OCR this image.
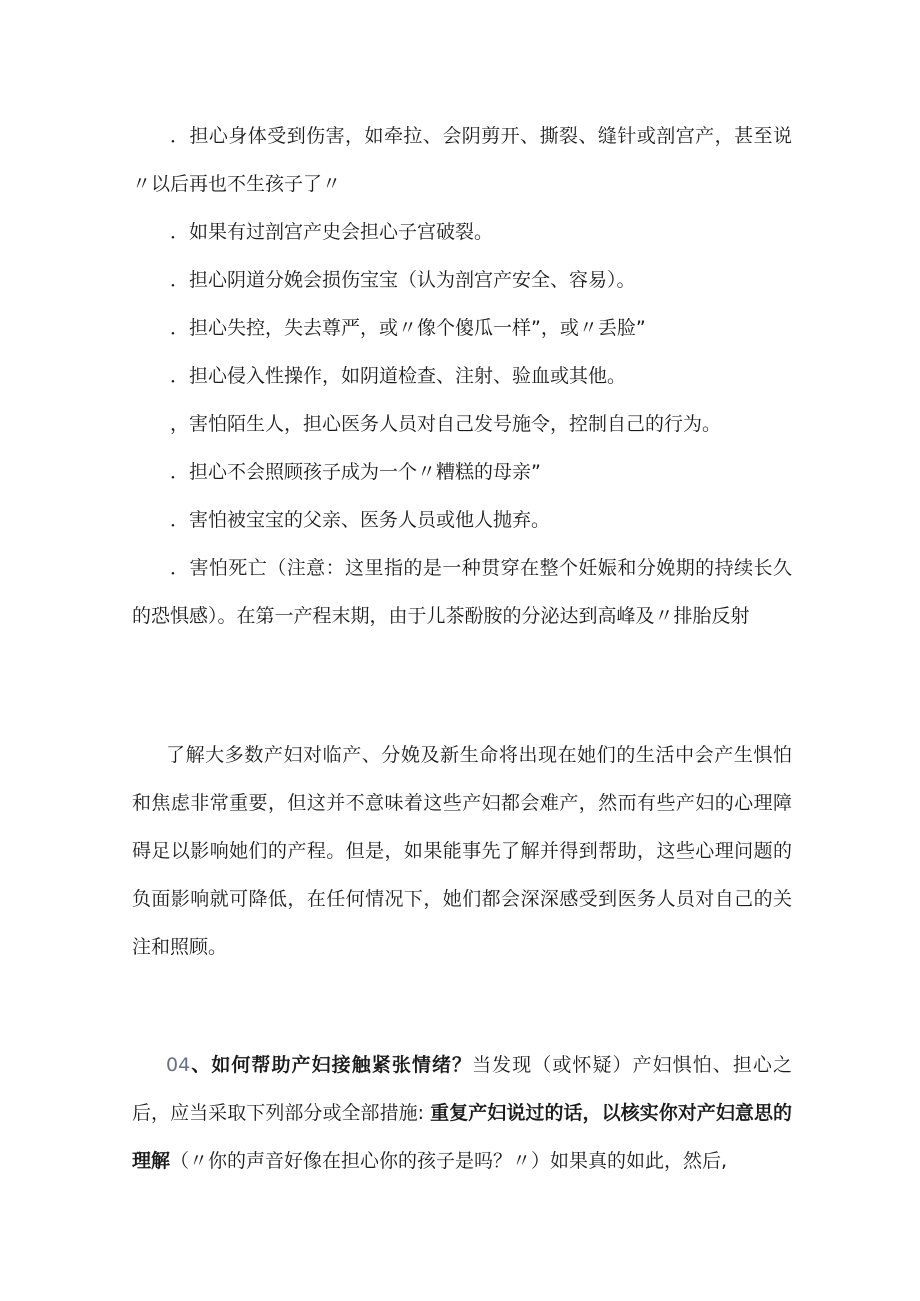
．担心身体受到伤害，如牵拉、会阴剪开、撕裂、缝针或剖宫产，甚至说〃以后再也不生孩子了〃

．如果有过剖宫产史会担心子宫破裂。

．担心阴道分娩会损伤宝宝（认为剖宫产安全、容易）。

．担心失控，失去尊严，或〃像个傻瓜一样”，或〃丢脸”

．担心侵入性操作，如阴道检查、注射、验血或其他。

，害怕陌生人，担心医务人员对自己发号施令，控制自己的行为。

．担心不会照顾孩子成为一个〃糟糕的母亲”

．害怕被宝宝的父亲、医务人员或他人抛弃。

．害怕死亡（注意：这里指的是一种贯穿在整个妊娠和分娩期的持续长久的恐惧感）。在第一产程末期，由于儿茶酚胺的分泌达到高峰及〃排胎反射

了解大多数产妇对临产、分娩及新生命将出现在她们的生活中会产生惧怕和焦虑非常重要，但这并不意味着这些产妇都会难产，然而有些产妇的心理障碍足以影响她们的产程。但是，如果能事先了解并得到帮助，这些心理问题的负面影响就可降低，在任何情况下，她们都会深深感受到医务人员对自己的关注和照顾。

04、如何帮助产妇接触紧张情绪？当发现（或怀疑）产妇惧怕、担心之后，应当采取下列部分或全部措施: 重复产妇说过的话，以核实你对产妇意思的理解（〃你的声音好像在担心你的孩子是吗？〃）如果真的如此，然后,
